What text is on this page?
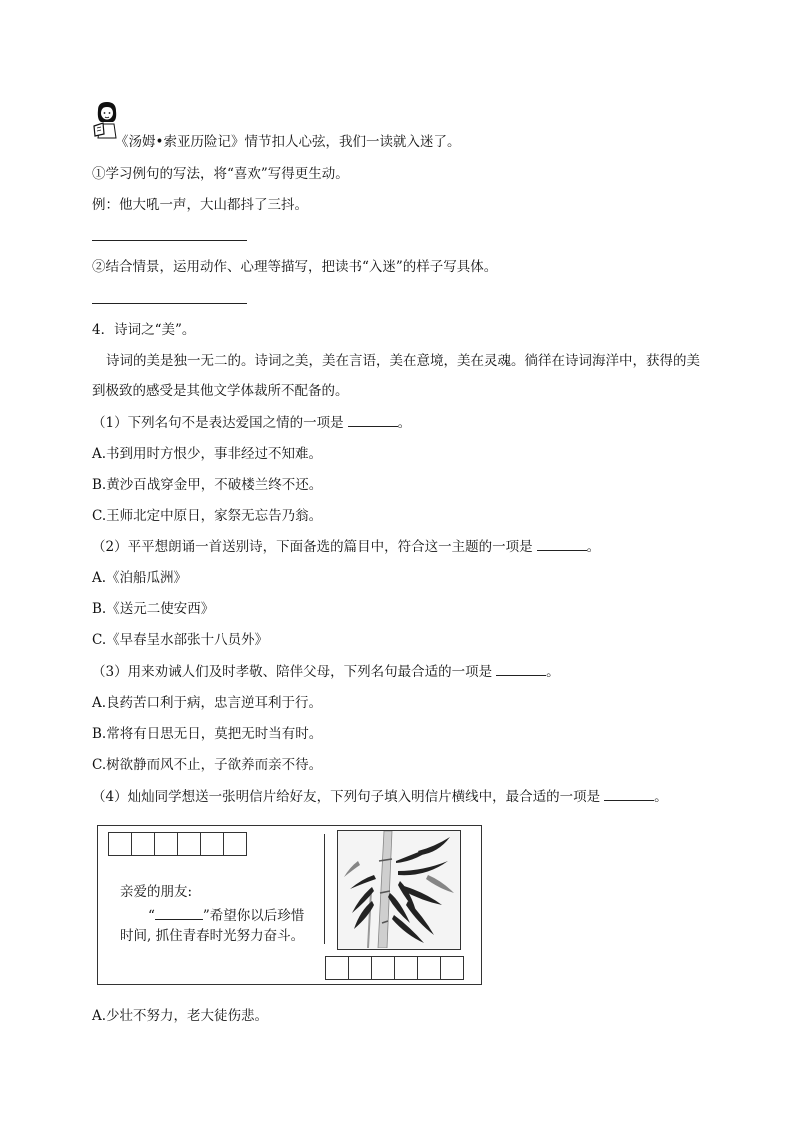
《汤姆•索亚历险记》情节扣人心弦，我们一读就入迷了。
①学习例句的写法，将“喜欢”写得更生动。
例：他大吼一声，大山都抖了三抖。
②结合情景，运用动作、心理等描写，把读书“入迷”的样子写具体。
4．诗词之“美”。
诗词的美是独一无二的。诗词之美，美在言语，美在意境，美在灵魂。徜徉在诗词海洋中，获得的美
到极致的感受是其他文学体裁所不配备的。
（1）下列名句不是表达爱国之情的一项是	。
A.书到用时方恨少，事非经过不知难。
B.黄沙百战穿金甲，不破楼兰终不还。
C.王师北定中原日，家祭无忘告乃翁。
（2）平平想朗诵一首送别诗，下面备选的篇目中，符合这一主题的一项是	。
A.《泊船瓜洲》
B.《送元二使安西》
C.《早春呈水部张十八员外》
（3）用来劝诫人们及时孝敬、陪伴父母，下列名句最合适的一项是	。
A.良药苦口利于病，忠言逆耳利于行。
B.常将有日思无日，莫把无时当有时。
C.树欲静而风不止，子欲养而亲不待。
（4）灿灿同学想送一张明信片给好友，下列句子填入明信片横线中，最合适的一项是	。
亲爱的朋友:
“	”希望你以后珍惜
时间, 抓住青春时光努力奋斗。
A.少壮不努力，老大徒伤悲。
